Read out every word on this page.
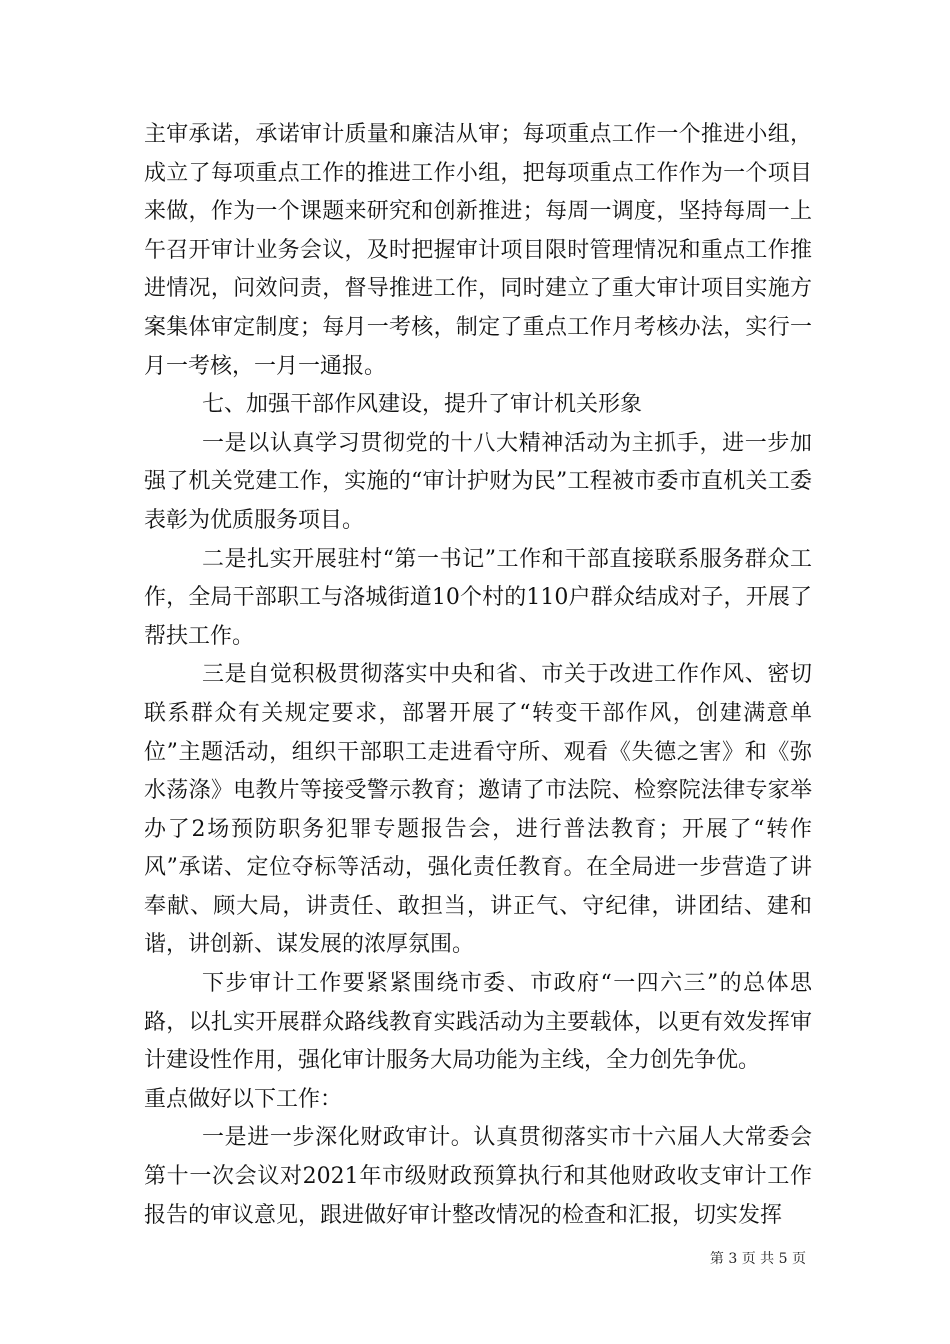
主审承诺，承诺审计质量和廉洁从审；每项重点工作一个推进小组，成立了每项重点工作的推进工作小组，把每项重点工作作为一个项目来做，作为一个课题来研究和创新推进；每周一调度，坚持每周一上午召开审计业务会议，及时把握审计项目限时管理情况和重点工作推进情况，问效问责，督导推进工作，同时建立了重大审计项目实施方案集体审定制度；每月一考核，制定了重点工作月考核办法，实行一月一考核，一月一通报。

七、加强干部作风建设，提升了审计机关形象

一是以认真学习贯彻党的十八大精神活动为主抓手，进一步加强了机关党建工作，实施的“审计护财为民”工程被市委市直机关工委表彰为优质服务项目。

二是扎实开展驻村“第一书记”工作和干部直接联系服务群众工作，全局干部职工与洛城街道10个村的110户群众结成对子，开展了帮扶工作。

三是自觉积极贯彻落实中央和省、市关于改进工作作风、密切联系群众有关规定要求，部署开展了“转变干部作风，创建满意单位”主题活动，组织干部职工走进看守所、观看《失德之害》和《弥水荡涤》电教片等接受警示教育；邀请了市法院、检察院法律专家举办了2场预防职务犯罪专题报告会，进行普法教育；开展了“转作风”承诺、定位夺标等活动，强化责任教育。在全局进一步营造了讲奉献、顾大局，讲责任、敢担当，讲正气、守纪律，讲团结、建和谐，讲创新、谋发展的浓厚氛围。

下步审计工作要紧紧围绕市委、市政府“一四六三”的总体思路，以扎实开展群众路线教育实践活动为主要载体，以更有效发挥审计建设性作用，强化审计服务大局功能为主线，全力创先争优。

重点做好以下工作：

一是进一步深化财政审计。认真贯彻落实市十六届人大常委会第十一次会议对2021年市级财政预算执行和其他财政收支审计工作报告的审议意见，跟进做好审计整改情况的检查和汇报，切实发挥

第 3 页 共 5 页
